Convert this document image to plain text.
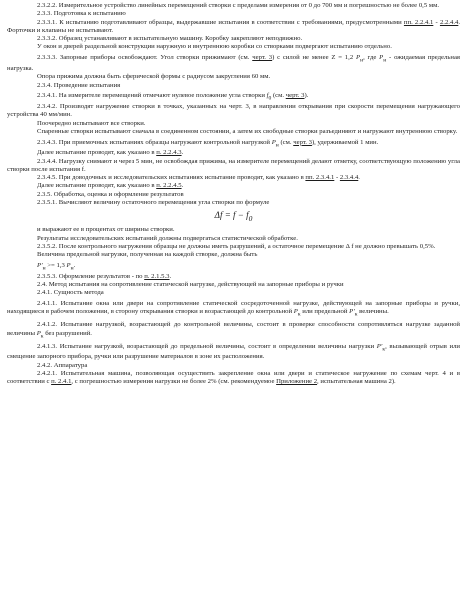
2.3.2.2. Измерительное устройство линейных перемещений створки с пределами измерения от 0 до 700 мм и погрешностью не более 0,5 мм.

2.3.3. Подготовка к испытанию

2.3.3.1. К испытанию подготавливают образцы, выдержавшие испытания в соответствии с требованиями, предусмотренными пп. 2.2.4.1 - 2.2.4.4. Форточки и клапаны не испытывают.

2.3.3.2. Образец устанавливают в испытательную машину. Коробку закрепляют неподвижно.

У окон и дверей раздельной конструкции наружную и внутреннюю коробки со створками подвергают испытанию отдельно.

2.3.3.3. Запорные приборы освобождают. Угол створки прижимают (см. черт. 3) с силой не менее Z = 1,2 $P_н$, где $P_н$ - ожидаемая предельная нагрузка.

Опора прижима должна быть сферической формы с радиусом закругления 60 мм.

2.3.4. Проведение испытания

2.3.4.1. На измерителе перемещений отмечают нулевое положение угла створки $f_0$ (см. черт. 3).

2.3.4.2. Производят нагружение створки в точках, указанных на черт. 3, в направлении открывания при скорости перемещения нагружающего устройства 40 мм/мин.

Поочередно испытывают все створки.

Спаренные створки испытывают сначала в соединенном состоянии, а затем их свободные створки разъединяют и нагружают внутреннюю створку.

2.3.4.3. При приемочных испытаниях образцы нагружают контрольной нагрузкой $P_н$ (см. черт. 3), удерживаемой 1 мин.

Далее испытание проводят, как указано в п. 2.2.4.3.

2.3.4.4. Нагрузку снимают и через 5 мин, не освобождая прижима, на измерителе перемещений делают отметку, соответствующую положению угла створки после испытания f.

2.3.4.5. При доводочных и исследовательских испытаниях испытание проводят, как указано в пп. 2.3.4.1 - 2.3.4.4.

Далее испытание проводят, как указано в п. 2.2.4.5.

2.3.5. Обработка, оценка и оформление результатов

2.3.5.1. Вычисляют величину остаточного перемещения угла створки по формуле

$\Delta f = f - f_0$

и выражают ее в процентах от ширины створки.

Результаты исследовательских испытаний должны подвергаться статистической обработке.

2.3.5.2. После контрольного нагружения образцы не должны иметь разрушений, а остаточное перемещение Δ f не должно превышать 0,5%.

Величина предельной нагрузки, полученная на каждой створке, должна быть

$P'_н >= 1,3$ $P_н$.

2.3.5.3. Оформление результатов - по п. 2.1.5.3.

2.4. Метод испытания на сопротивление статической нагрузке, действующей на запорные приборы и ручки

2.4.1. Сущность метода

2.4.1.1. Испытание окна или двери на сопротивление статической сосредоточенной нагрузке, действующей на запорные приборы и ручки, находящиеся в рабочем положении, в сторону открывания створки и возрастающей до контрольной $P_к$ или предельной $P'_к$ величины.

2.4.1.2. Испытание нагрузкой, возрастающей до контрольной величины, состоит в проверке способности сопротивляться нагрузке заданной величины $P_к$ без разрушений.

2.4.1.3. Испытание нагрузкой, возрастающей до предельной величины, состоит в определении величины нагрузки $P'_к$, вызывающей отрыв или смещение запорного прибора, ручки или разрушение материалов в зоне их расположения.

2.4.2. Аппаратура

2.4.2.1. Испытательная машина, позволяющая осуществить закрепление окна или двери и статическое нагружение по схемам черт. 4 и в соответствии с п. 2.4.1, с погрешностью измерения нагрузки не более 2% (см. рекомендуемое Приложение 2, испытательная машина 2).
